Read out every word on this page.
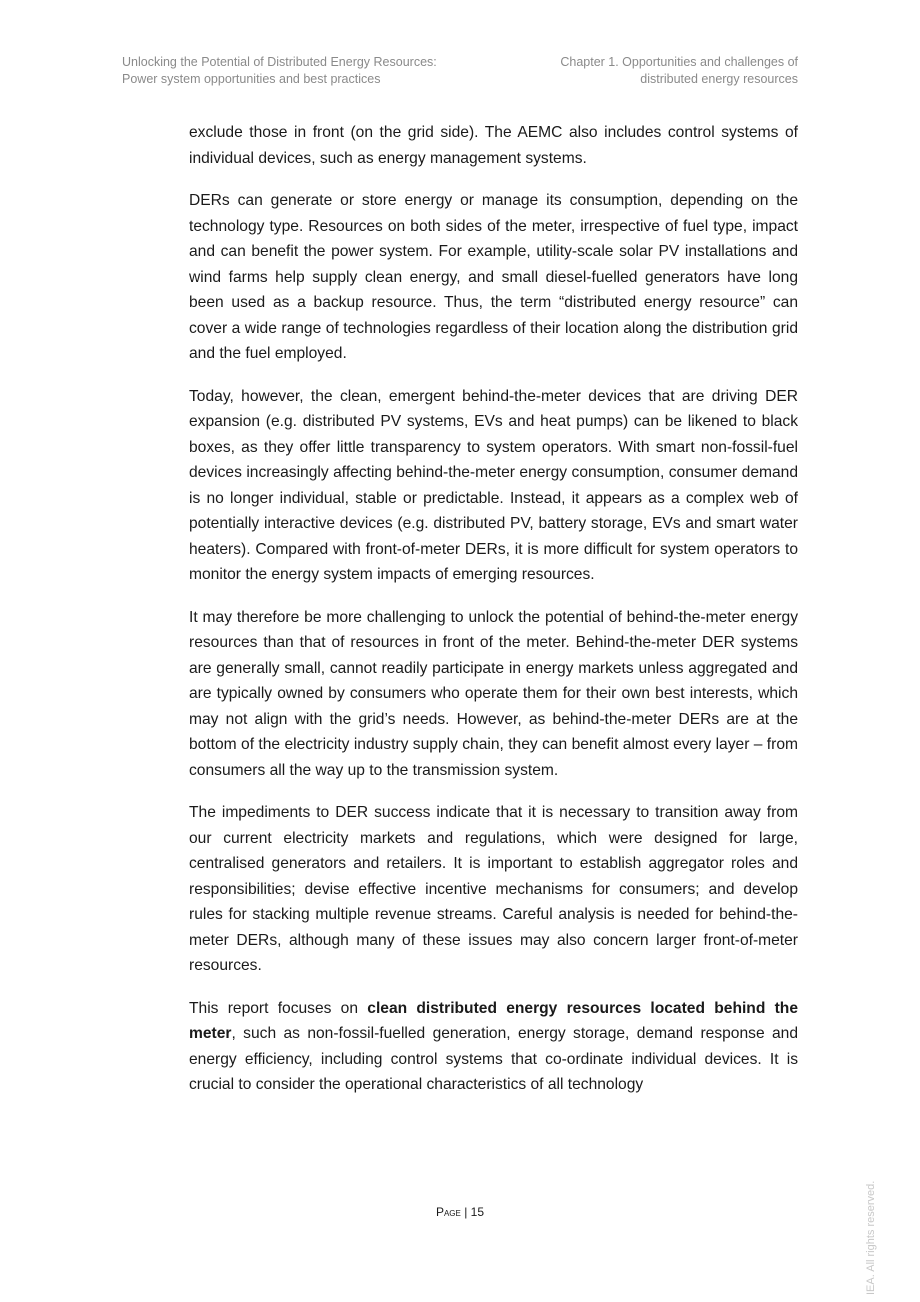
Unlocking the Potential of Distributed Energy Resources:
Power system opportunities and best practices
Chapter 1. Opportunities and challenges of
distributed energy resources

exclude those in front (on the grid side). The AEMC also includes control systems of individual devices, such as energy management systems.

DERs can generate or store energy or manage its consumption, depending on the technology type. Resources on both sides of the meter, irrespective of fuel type, impact and can benefit the power system. For example, utility-scale solar PV installations and wind farms help supply clean energy, and small diesel-fuelled generators have long been used as a backup resource. Thus, the term “distributed energy resource” can cover a wide range of technologies regardless of their location along the distribution grid and the fuel employed.

Today, however, the clean, emergent behind-the-meter devices that are driving DER expansion (e.g. distributed PV systems, EVs and heat pumps) can be likened to black boxes, as they offer little transparency to system operators. With smart non-fossil-fuel devices increasingly affecting behind-the-meter energy consumption, consumer demand is no longer individual, stable or predictable. Instead, it appears as a complex web of potentially interactive devices (e.g. distributed PV, battery storage, EVs and smart water heaters). Compared with front-of-meter DERs, it is more difficult for system operators to monitor the energy system impacts of emerging resources.

It may therefore be more challenging to unlock the potential of behind-the-meter energy resources than that of resources in front of the meter. Behind-the-meter DER systems are generally small, cannot readily participate in energy markets unless aggregated and are typically owned by consumers who operate them for their own best interests, which may not align with the grid’s needs. However, as behind-the-meter DERs are at the bottom of the electricity industry supply chain, they can benefit almost every layer – from consumers all the way up to the transmission system.

The impediments to DER success indicate that it is necessary to transition away from our current electricity markets and regulations, which were designed for large, centralised generators and retailers. It is important to establish aggregator roles and responsibilities; devise effective incentive mechanisms for consumers; and develop rules for stacking multiple revenue streams. Careful analysis is needed for behind-the-meter DERs, although many of these issues may also concern larger front-of-meter resources.

This report focuses on clean distributed energy resources located behind the meter, such as non-fossil-fuelled generation, energy storage, demand response and energy efficiency, including control systems that co-ordinate individual devices. It is crucial to consider the operational characteristics of all technology

Page | 15	IEA. All rights reserved.
